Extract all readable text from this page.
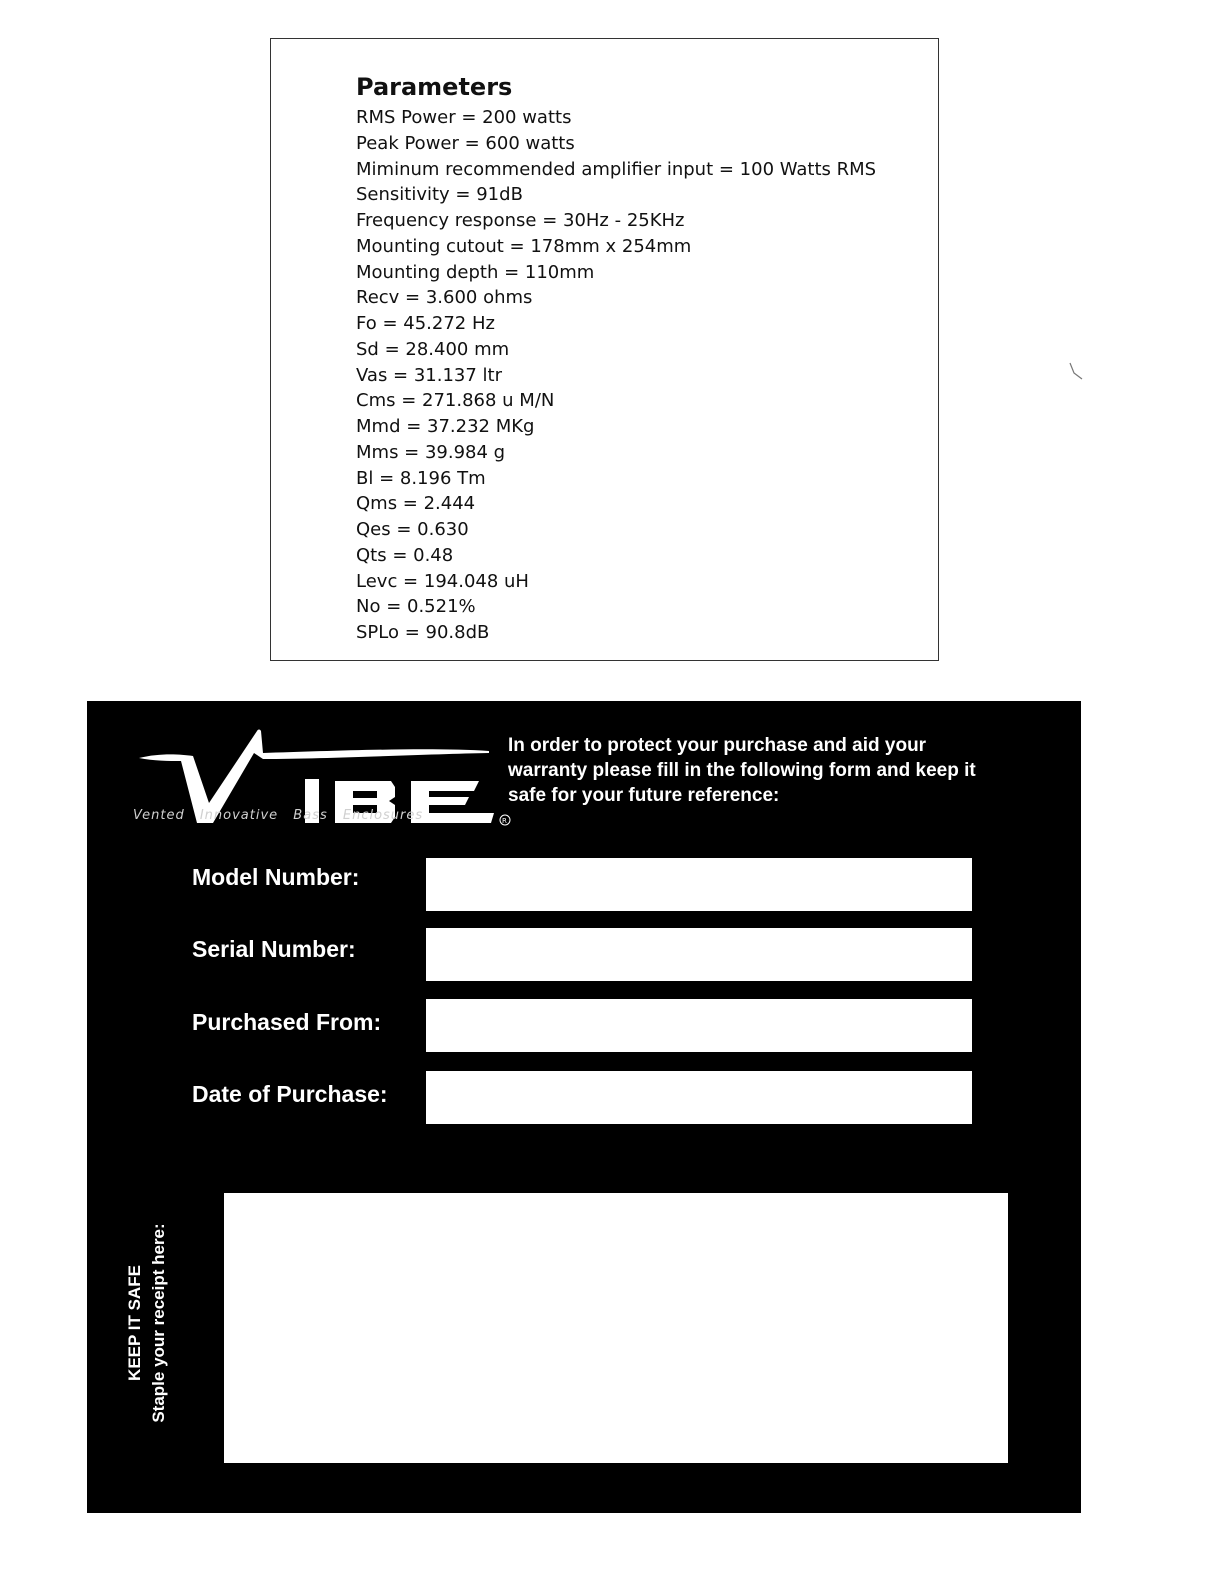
Parameters
RMS Power = 200 watts
Peak Power = 600 watts
Miminum recommended amplifier input = 100 Watts RMS
Sensitivity = 91dB
Frequency response = 30Hz - 25KHz
Mounting cutout = 178mm x 254mm
Mounting depth = 110mm
Recv = 3.600 ohms
Fo = 45.272 Hz
Sd = 28.400 mm
Vas = 31.137 ltr
Cms = 271.868 u M/N
Mmd = 37.232 MKg
Mms = 39.984 g
Bl = 8.196 Tm
Qms = 2.444
Qes = 0.630
Qts = 0.48
Levc = 194.048 uH
No = 0.521%
SPLo = 90.8dB
R

Vented Innovative Bass Enclosures

In order to protect your purchase and aid your warranty please fill in the following form and keep it safe for your future reference:

Model Number:

Serial Number:

Purchased From:

Date of Purchase:

KEEP IT SAFE Staple your receipt here:
